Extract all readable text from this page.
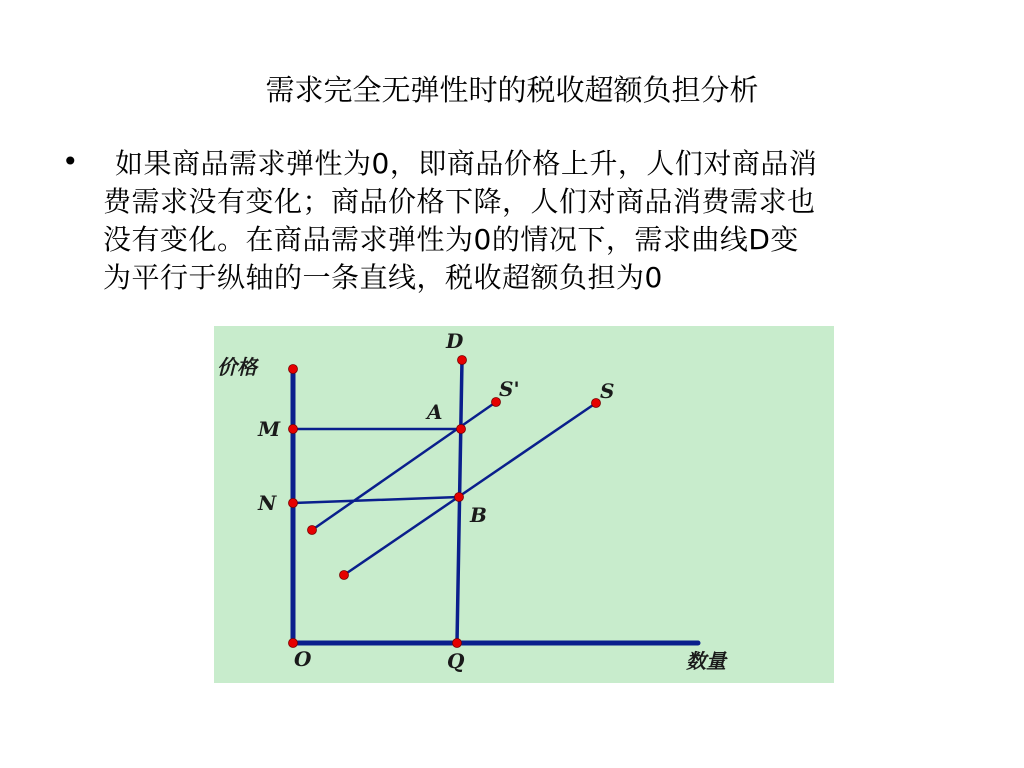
需求完全无弹性时的税收超额负担分析
•	如果商品需求弹性为0，即商品价格上升，人们对商品消
费需求没有变化；商品价格下降，人们对商品消费需求也
没有变化。在商品需求弹性为0的情况下，需求曲线D变
为平行于纵轴的一条直线，税收超额负担为0
价格
数量
O
M
N
Q
D
A
B
S'	S
